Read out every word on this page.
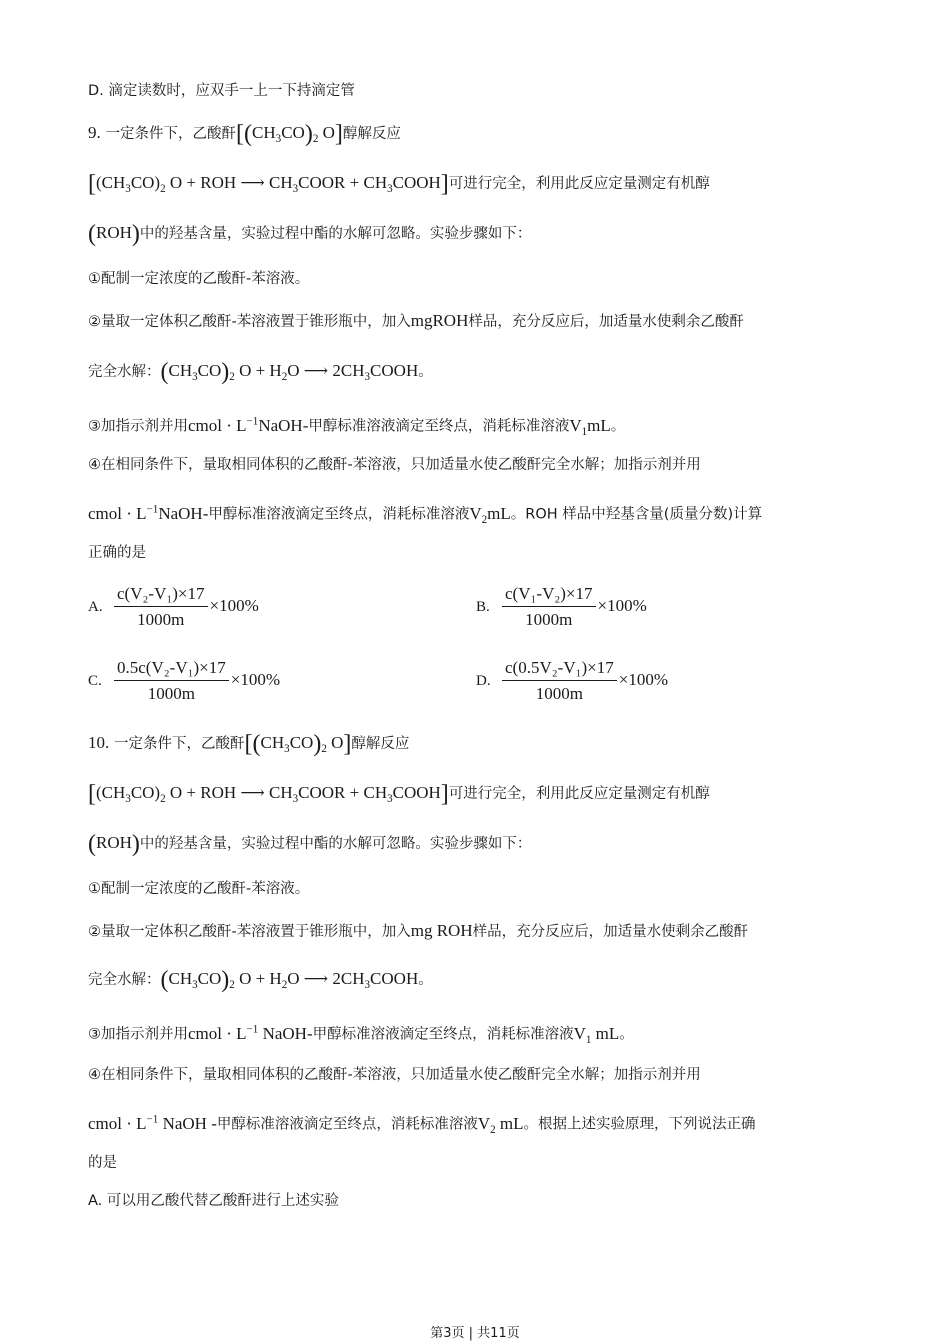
D. 滴定读数时，应双手一上一下持滴定管
9. 一定条件下，乙酸酐[$(CH_3CO)_2$ O]醇解反应
[$(CH_3CO)_2$ O + ROH ⟶ $CH_3COOR$ + $CH_3COOH$]可进行完全，利用此反应定量测定有机醇
(ROH)中的羟基含量，实验过程中酯的水解可忽略。实验步骤如下：
①配制一定浓度的乙酸酐-苯溶液。
②量取一定体积乙酸酐-苯溶液置于锥形瓶中，加入mgROH样品，充分反应后，加适量水使剩余乙酸酐
完全水解：$(CH_3CO)_2$ $O + H_2O$ ⟶ $2CH_3COOH$。
③加指示剂并用cmol · $L^{-1}NaOH-$甲醇标准溶液滴定至终点，消耗标准溶液$V_1mL$。
④在相同条件下，量取相同体积的乙酸酐-苯溶液，只加适量水使乙酸酐完全水解；加指示剂并用
cmol · $L^{-1}NaOH-$甲醇标准溶液滴定至终点，消耗标准溶液$V_2mL$。ROH 样品中羟基含量(质量分数)计算
正确的是
A. $\frac{\text{c(V₂-V₁)×17}}{1000m} \times 100\%$	B. $\frac{\text{c(V₁-V₂)×17}}{1000m} \times 100\%$
C. $\frac{\text{0.5c(V₂-V₁)×17}}{1000m} \times 100\%$	D. $\frac{\text{c(0.5V₂-V₁)×17}}{1000m} \times 100\%$
10. 一定条件下，乙酸酐[$(CH_3CO)_2$ O]醇解反应
[$(CH_3CO)_2$ O + ROH ⟶ $CH_3COOR$ + $CH_3COOH$]可进行完全，利用此反应定量测定有机醇
(ROH)中的羟基含量，实验过程中酯的水解可忽略。实验步骤如下：
①配制一定浓度的乙酸酐-苯溶液。
②量取一定体积乙酸酐-苯溶液置于锥形瓶中，加入mg ROH样品，充分反应后，加适量水使剩余乙酸酐
完全水解：$(CH_3CO)_2$ $O + H_2O$ ⟶ $2CH_3COOH$。
③加指示剂并用cmol · $L^{-1}$ NaOH-甲醇标准溶液滴定至终点，消耗标准溶液$V_1$ mL。
④在相同条件下，量取相同体积的乙酸酐-苯溶液，只加适量水使乙酸酐完全水解；加指示剂并用
cmol · $L^{-1}$ NaOH -甲醇标准溶液滴定至终点，消耗标准溶液$V_2$ mL。根据上述实验原理，下列说法正确
的是
A. 可以用乙酸代替乙酸酐进行上述实验
第3页 | 共11页
